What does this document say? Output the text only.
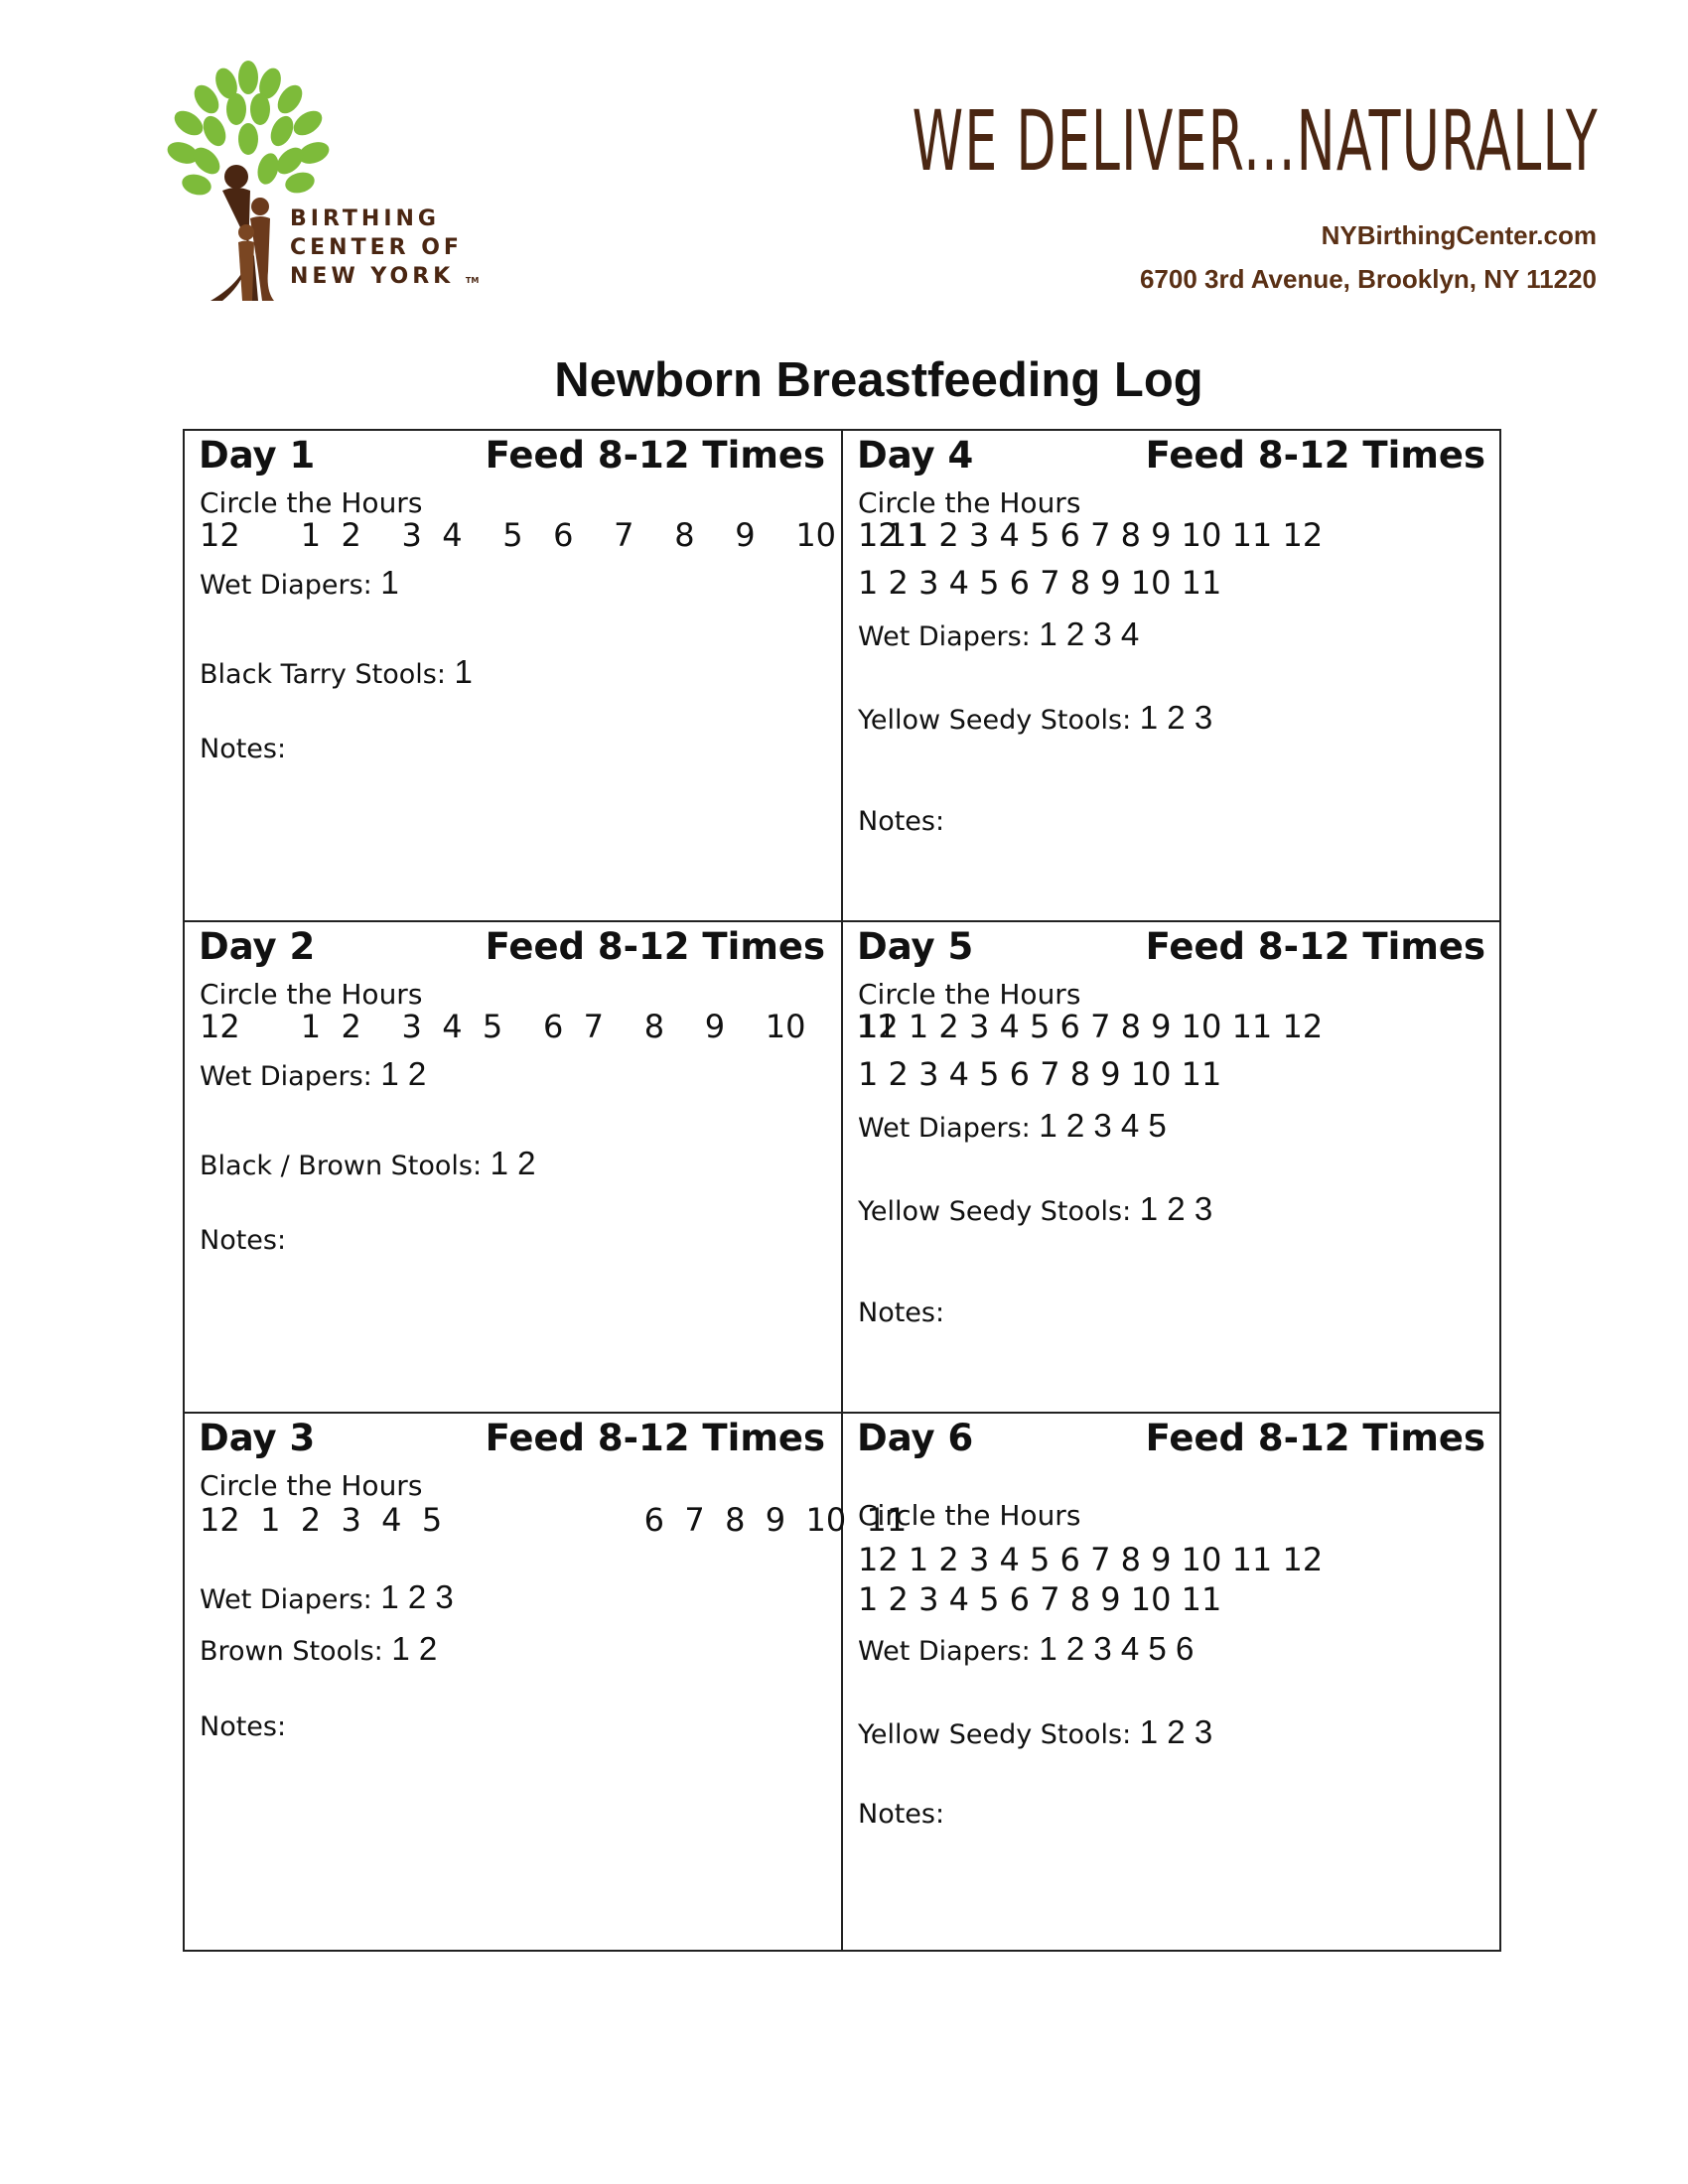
BIRTHING
CENTER OF
NEW YORK TM
WE DELIVER...NATURALLY
NYBirthingCenter.com
6700 3rd Avenue, Brooklyn, NY 11220
Newborn Breastfeeding Log
Day 1	Feed 8-12 Times
Circle the Hours
12      1  2    3  4    5   6    7    8    9    10     11
Wet Diapers: 1
Black Tarry Stools: 1
Notes:
Day 4	Feed 8-12 Times
Circle the Hours
12 1 2 3 4 5 6 7 8 9 10 11 12
1 2 3 4 5 6 7 8 9 10 11
Wet Diapers: 1 2 3 4
Yellow Seedy Stools: 1 2 3
Notes:
Day 2	Feed 8-12 Times
Circle the Hours
12      1  2    3  4  5    6  7    8    9    10     11
Wet Diapers: 1 2
Black / Brown Stools: 1 2
Notes:
Day 5	Feed 8-12 Times
Circle the Hours
12 1 2 3 4 5 6 7 8 9 10 11 12
1 2 3 4 5 6 7 8 9 10 11
Wet Diapers: 1 2 3 4 5
Yellow Seedy Stools: 1 2 3
Notes:
Day 3	Feed 8-12 Times
Circle the Hours
12  1  2  3  4  5                    6  7  8  9  10  11
Wet Diapers: 1 2 3
Brown Stools: 1 2
Notes:
Day 6	Feed 8-12 Times
Circle the Hours
12 1 2 3 4 5 6 7 8 9 10 11 12
1 2 3 4 5 6 7 8 9 10 11
Wet Diapers: 1 2 3 4 5 6
Yellow Seedy Stools: 1 2 3
Notes:
